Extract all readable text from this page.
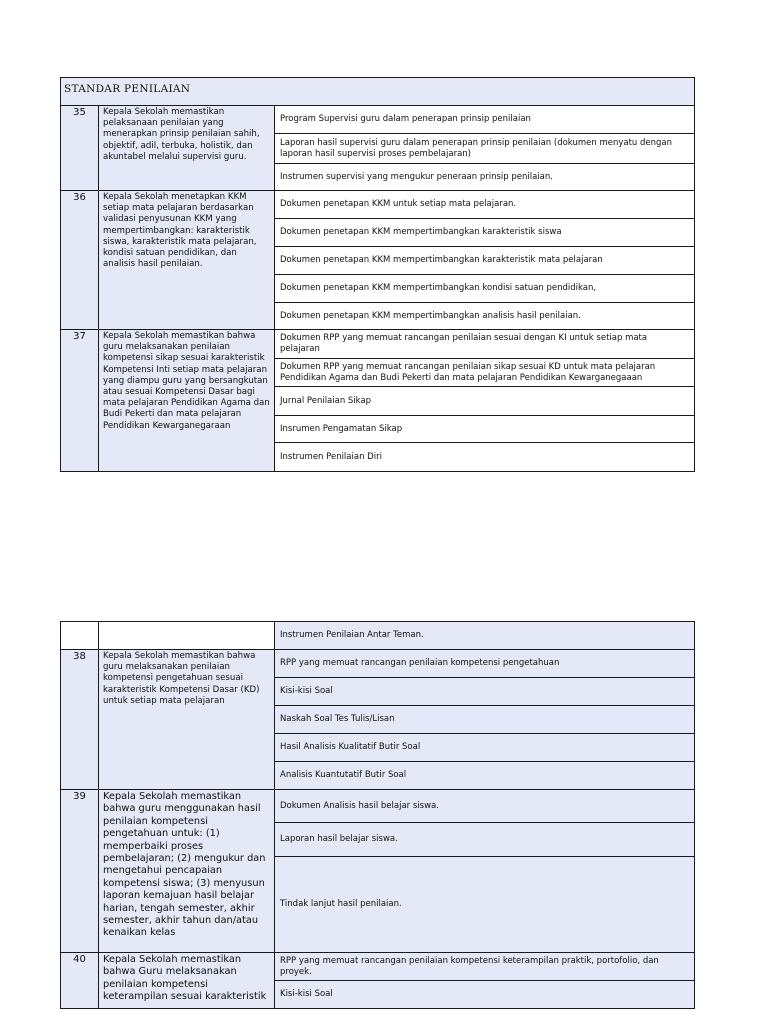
STANDAR PENILAIAN		
35	Kepala Sekolah memastikan pelaksanaan penilaian yang menerapkan prinsip penilaian sahih, objektif, adil, terbuka, holistik, dan akuntabel melalui supervisi guru.	Program Supervisi guru dalam penerapan prinsip penilaian
		Laporan hasil supervisi guru dalam penerapan prinsip penilaian (dokumen menyatu dengan laporan hasil supervisi proses pembelajaran)
		Instrumen supervisi yang mengukur peneraan prinsip penilaian.
36	Kepala Sekolah menetapkan KKM setiap mata pelajaran berdasarkan validasi penyusunan KKM yang mempertimbangkan: karakteristik siswa, karakteristik mata pelajaran, kondisi satuan pendidikan, dan analisis hasil penilaian.	Dokumen penetapan KKM untuk setiap mata pelajaran.
		Dokumen penetapan KKM mempertimbangkan karakteristik siswa
		Dokumen penetapan KKM mempertimbangkan karakteristik mata pelajaran
		Dokumen penetapan KKM mempertimbangkan kondisi satuan pendidikan,
		Dokumen penetapan KKM mempertimbangkan analisis hasil penilaian.
37	Kepala Sekolah memastikan bahwa guru melaksanakan penilaian kompetensi sikap sesuai karakteristik Kompetensi Inti setiap mata pelajaran yang diampu guru yang bersangkutan atau sesuai Kompetensi Dasar bagi mata pelajaran Pendidikan Agama dan Budi Pekerti dan mata pelajaran Pendidikan Kewarganegaraan	Dokumen RPP yang memuat rancangan penilaian sesuai dengan KI untuk setiap mata pelajaran
		Dokumen RPP yang memuat rancangan penilaian sikap sesuai KD untuk mata pelajaran Pendidikan Agama dan Budi Pekerti dan mata pelajaran Pendidikan Kewarganegaaan
		Jurnal Penilaian Sikap
		Insrumen Pengamatan Sikap
		Instrumen Penilaian Diri
		Instrumen Penilaian Antar Teman.
38	Kepala Sekolah memastikan bahwa guru melaksanakan penilaian kompetensi pengetahuan sesuai karakteristik Kompetensi Dasar (KD) untuk setiap mata pelajaran	RPP yang memuat rancangan penilaian kompetensi pengetahuan
		Kisi-kisi Soal
		Naskah Soal Tes Tulis/Lisan
		Hasil Analisis Kualitatif Butir Soal
		Analisis Kuantutatif Butir Soal
39	Kepala Sekolah memastikan bahwa guru menggunakan hasil penilaian kompetensi pengetahuan untuk: (1) memperbaiki proses pembelajaran; (2) mengukur dan mengetahui pencapaian kompetensi siswa; (3) menyusun laporan kemajuan hasil belajar harian, tengah semester, akhir semester, akhir tahun dan/atau kenaikan kelas	Dokumen Analisis hasil belajar siswa.
		Laporan hasil belajar siswa.
		Tindak lanjut hasil penilaian.
40	Kepala Sekolah memastikan bahwa Guru melaksanakan penilaian kompetensi keterampilan sesuai karakteristik	RPP yang memuat rancangan penilaian kompetensi keterampilan praktik, portofolio, dan proyek.
		Kisi-kisi Soal
